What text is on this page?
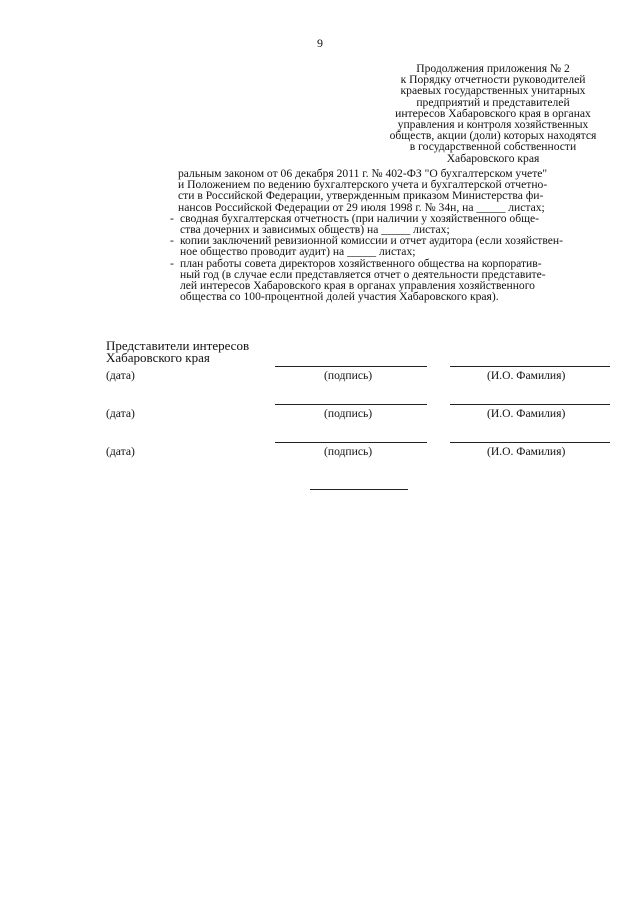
9
Продолжения приложения № 2
к Порядку отчетности руководителей
краевых государственных унитарных
предприятий и представителей
интересов Хабаровского края в органах
управления и контроля хозяйственных
обществ, акции (доли) которых находятся
в государственной собственности
Хабаровского края
ральным законом от 06 декабря 2011 г. № 402-ФЗ "О бухгалтерском учете"
и Положением по ведению бухгалтерского учета и бухгалтерской отчетно-
сти в Российской Федерации, утвержденным приказом Министерства фи-
нансов Российской Федерации от 29 июля 1998 г. № 34н, на _____ листах;
- сводная бухгалтерская отчетность (при наличии у хозяйственного обще-
ства дочерних и зависимых обществ) на _____ листах;
- копии заключений ревизионной комиссии и отчет аудитора (если хозяйствен-
ное общество проводит аудит) на _____ листах;
- план работы совета директоров хозяйственного общества на корпоратив-
ный год (в случае если представляется отчет о деятельности представите-
лей интересов Хабаровского края в органах управления хозяйственного
общества со 100-процентной долей участия Хабаровского края).
Представители интересов
Хабаровского края
(дата)	(подпись)	(И.О. Фамилия)
(дата)	(подпись)	(И.О. Фамилия)
(дата)	(подпись)	(И.О. Фамилия)
